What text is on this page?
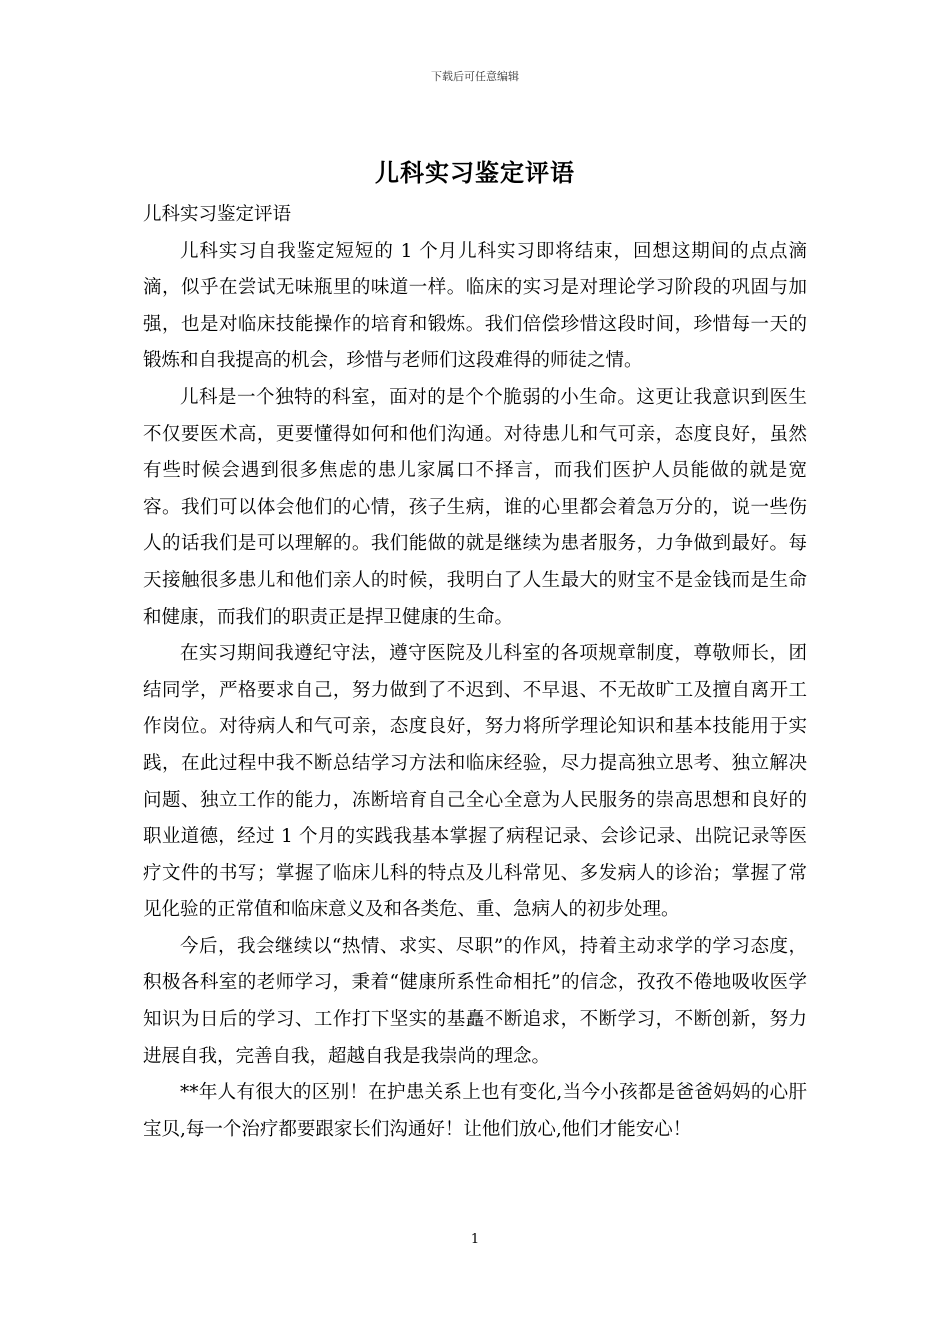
下载后可任意编辑
儿科实习鉴定评语

儿科实习鉴定评语

儿科实习自我鉴定短短的 1 个月儿科实习即将结束，回想这期间的点点滴滴，似乎在尝试无味瓶里的味道一样。临床的实习是对理论学习阶段的巩固与加强，也是对临床技能操作的培育和锻炼。我们倍偿珍惜这段时间，珍惜每一天的锻炼和自我提高的机会，珍惜与老师们这段难得的师徒之情。

儿科是一个独特的科室，面对的是个个脆弱的小生命。这更让我意识到医生不仅要医术高，更要懂得如何和他们沟通。对待患儿和气可亲，态度良好，虽然有些时候会遇到很多焦虑的患儿家属口不择言，而我们医护人员能做的就是宽容。我们可以体会他们的心情，孩子生病，谁的心里都会着急万分的，说一些伤人的话我们是可以理解的。我们能做的就是继续为患者服务，力争做到最好。每天接触很多患儿和他们亲人的时候，我明白了人生最大的财宝不是金钱而是生命和健康，而我们的职责正是捍卫健康的生命。

在实习期间我遵纪守法，遵守医院及儿科室的各项规章制度，尊敬师长，团结同学，严格要求自己，努力做到了不迟到、不早退、不无故旷工及擅自离开工作岗位。对待病人和气可亲，态度良好，努力将所学理论知识和基本技能用于实践，在此过程中我不断总结学习方法和临床经验，尽力提高独立思考、独立解决问题、独立工作的能力，冻断培育自己全心全意为人民服务的崇高思想和良好的职业道德，经过 1 个月的实践我基本掌握了病程记录、会诊记录、出院记录等医疗文件的书写；掌握了临床儿科的特点及儿科常见、多发病人的诊治；掌握了常见化验的正常值和临床意义及和各类危、重、急病人的初步处理。

今后，我会继续以“热情、求实、尽职”的作风，持着主动求学的学习态度，积极各科室的老师学习，秉着“健康所系性命相托”的信念，孜孜不倦地吸收医学知识为日后的学习、工作打下坚实的基矗不断追求，不断学习，不断创新，努力进展自我，完善自我，超越自我是我崇尚的理念。

**年人有很大的区别！在护患关系上也有变化,当今小孩都是爸爸妈妈的心肝宝贝,每一个治疗都要跟家长们沟通好！让他们放心,他们才能安心！

1
